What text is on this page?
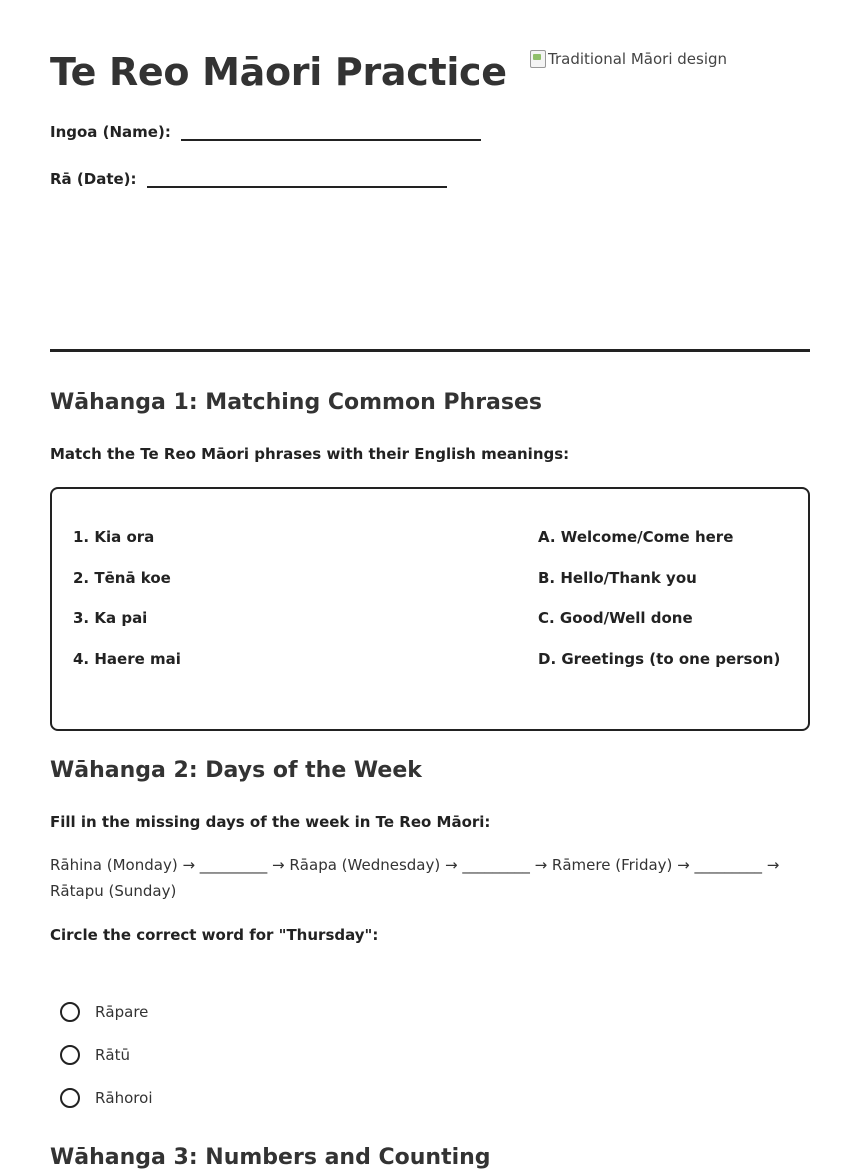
Te Reo Māori Practice
Ingoa (Name):
Rā (Date):
Traditional Māori design
Wāhanga 1: Matching Common Phrases

Match the Te Reo Māori phrases with their English meanings:

1. Kia ora
2. Tēnā koe
3. Ka pai
4. Haere mai
A. Welcome/Come here
B. Hello/Thank you
C. Good/Well done
D. Greetings (to one person)
Wāhanga 2: Days of the Week

Fill in the missing days of the week in Te Reo Māori:

Rāhina (Monday) → _________ → Rāapa (Wednesday) → _________ → Rāmere (Friday) → _________ → Rātapu (Sunday)

Circle the correct word for "Thursday":

Rāpare
Rātū
Rāhoroi
Wāhanga 3: Numbers and Counting
